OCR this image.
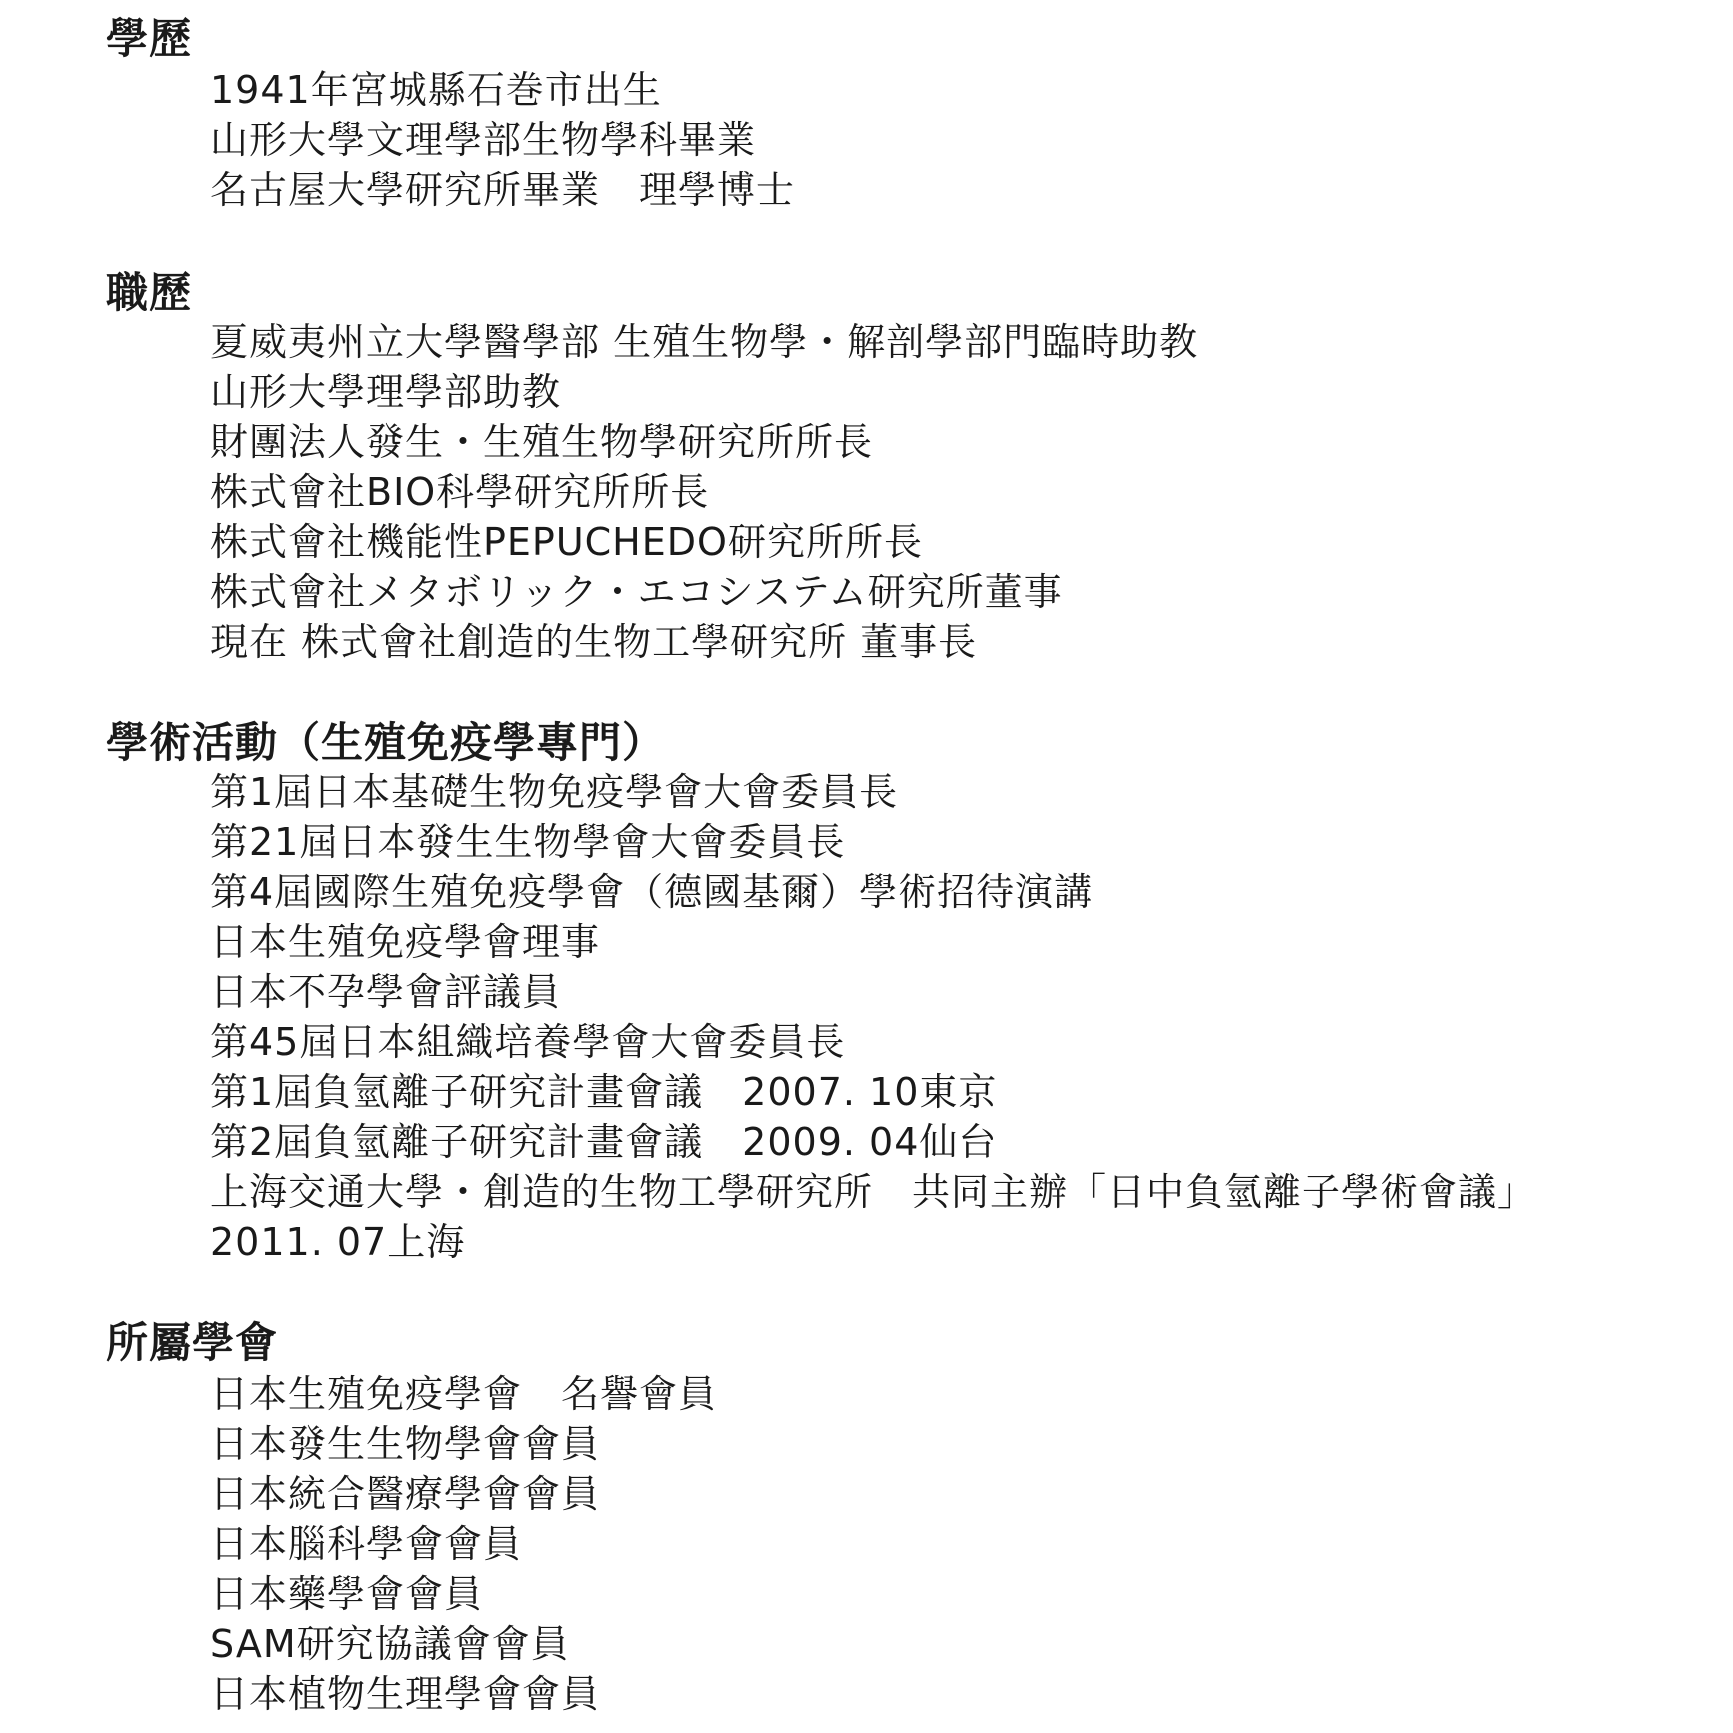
學歷
1941年宮城縣石巻市出生
山形大學文理學部生物學科畢業
名古屋大學研究所畢業　理學博士
職歷
夏威夷州立大學醫學部 生殖生物學・解剖學部門臨時助教
山形大學理學部助教
財團法人發生・生殖生物學研究所所長
株式會社BIO科學研究所所長
株式會社機能性PEPUCHEDO研究所所長
株式會社メタボリック・エコシステム研究所董事
現在 株式會社創造的生物工學研究所 董事長
學術活動（生殖免疫學專門）
第1屆日本基礎生物免疫學會大會委員長
第21屆日本發生生物學會大會委員長
第4屆國際生殖免疫學會（德國基爾）學術招待演講
日本生殖免疫學會理事
日本不孕學會評議員
第45屆日本組織培養學會大會委員長
第1屆負氫離子研究計畫會議　2007. 10東京
第2屆負氫離子研究計畫會議　2009. 04仙台
上海交通大學・創造的生物工學研究所　共同主辦「日中負氫離子學術會議」
2011. 07上海
所屬學會
日本生殖免疫學會　名譽會員
日本發生生物學會會員
日本統合醫療學會會員
日本腦科學會會員
日本藥學會會員
SAM研究協議會會員
日本植物生理學會會員
